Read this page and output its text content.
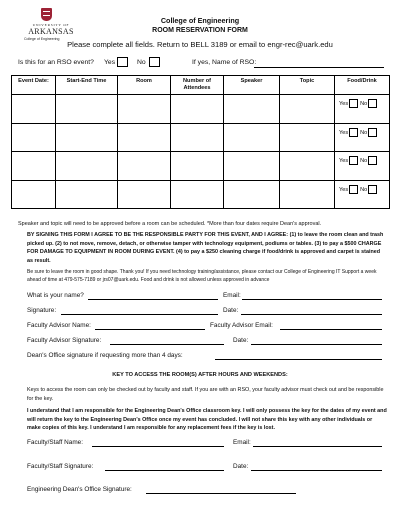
UNIVERSITY OF
ARKANSAS
College of Engineering
College of Engineering
ROOM RESERVATION FORM
Please complete all fields. Return to BELL 3189 or email to engr-rec@uark.edu
Is this for an RSO event? Yes	No	If yes, Name of RSO:
Event Date:	Start-End Time	Room	Number of Attendees	Speaker	Topic	Food/Drink

						Yes No

						Yes No

						Yes No

						Yes No
Speaker and topic will need to be approved before a room can be scheduled. *More than four dates require Dean's approval.
BY SIGNING THIS FORM I AGREE TO BE THE RESPONSIBLE PARTY FOR THIS EVENT, AND I AGREE: (1) to leave the room clean and trash picked up. (2) to not move, remove, detach, or otherwise tamper with technology equipment, podiums or tables. (3) to pay a $500 CHARGE FOR DAMAGE TO EQUIPMENT IN ROOM DURING EVENT. (4) to pay a $250 cleaning charge if food/drink is approved and carpet is stained as result.
Be sure to leave the room in good shape. Thank you! If you need technology training/assistance, please contact our College of Engineering IT Support a week ahead of time at 479-575-7189 or jrs07@uark.edu. Food and drink is not allowed unless approved in advance
What is your name?	Email:
Signature:	Date:
Faculty Advisor Name:	Faculty Advisor Email:
Faculty Advisor Signature:	Date:
Dean's Office signature if requesting more than 4 days:
KEY TO ACCESS THE ROOM(S) AFTER HOURS AND WEEKENDS:
Keys to access the room can only be checked out by faculty and staff. If you are with an RSO, your faculty advisor must check out and be responsible for the key.
I understand that I am responsible for the Engineering Dean's Office classroom key. I will only possess the key for the dates of my event and will return the key to the Engineering Dean's Office once my event has concluded. I will not share this key with any other individuals or make copies of this key. I understand I am responsible for any replacement fees if the key is lost.
Faculty/Staff Name:	Email:
Faculty/Staff Signature:	Date:
Engineering Dean's Office Signature:
